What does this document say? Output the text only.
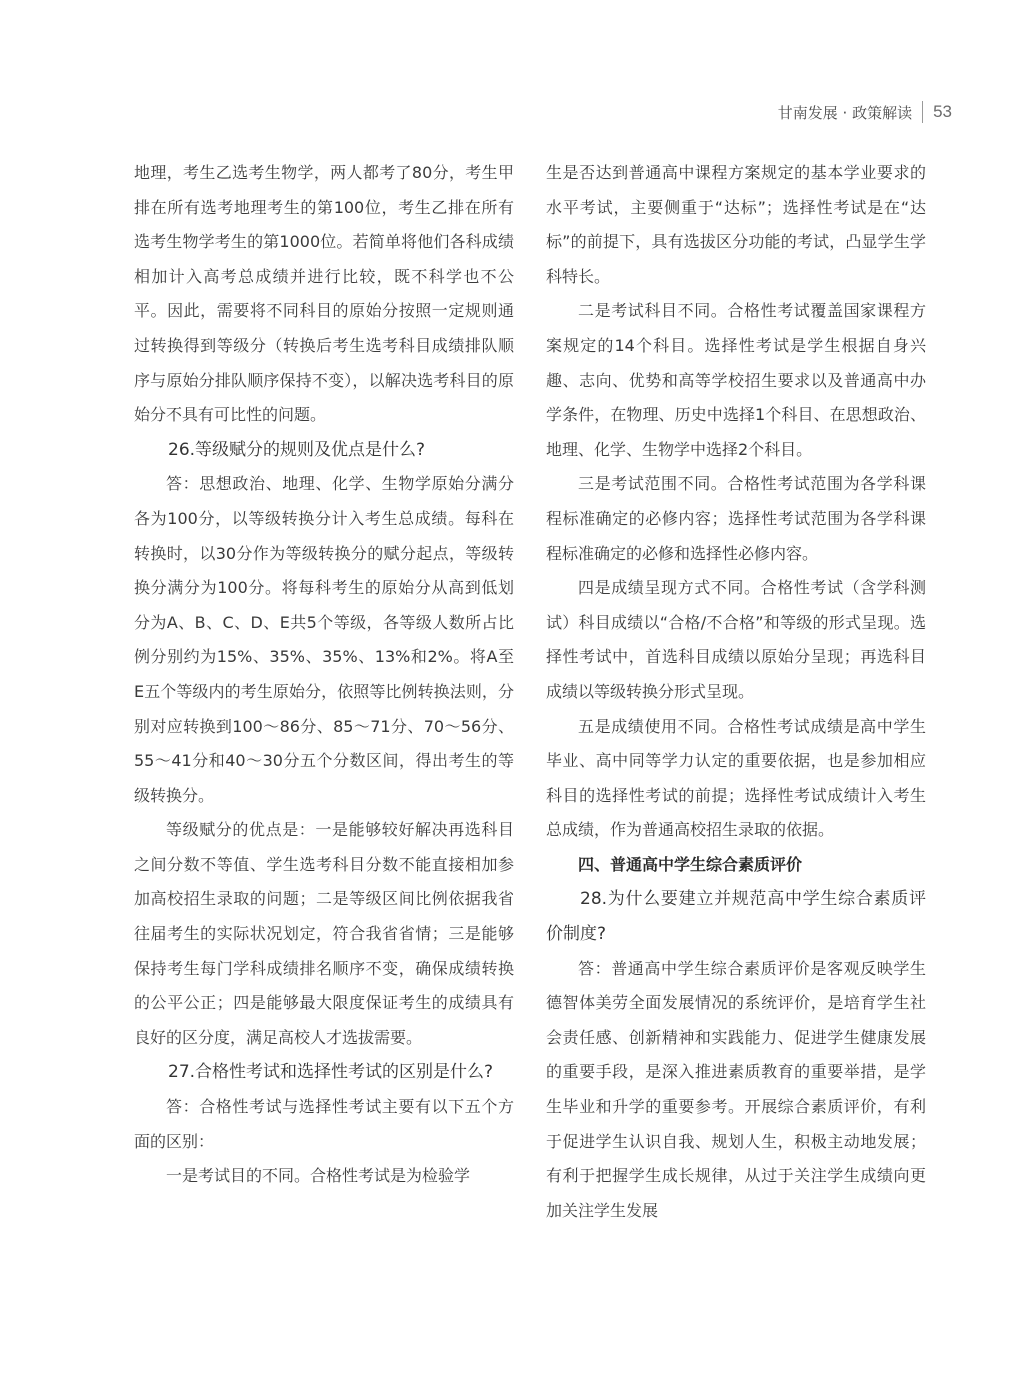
甘南发展 · 政策解读 53

地理，考生乙选考生物学，两人都考了80分，考生甲排在所有选考地理考生的第100位，考生乙排在所有选考生物学考生的第1000位。若简单将他们各科成绩相加计入高考总成绩并进行比较，既不科学也不公平。因此，需要将不同科目的原始分按照一定规则通过转换得到等级分（转换后考生选考科目成绩排队顺序与原始分排队顺序保持不变），以解决选考科目的原始分不具有可比性的问题。

26.等级赋分的规则及优点是什么?

答：思想政治、地理、化学、生物学原始分满分各为100分，以等级转换分计入考生总成绩。每科在转换时，以30分作为等级转换分的赋分起点，等级转换分满分为100分。将每科考生的原始分从高到低划分为A、B、C、D、E共5个等级，各等级人数所占比例分别约为15%、35%、35%、13%和2%。将A至E五个等级内的考生原始分，依照等比例转换法则，分别对应转换到100～86分、85～71分、70～56分、55～41分和40～30分五个分数区间，得出考生的等级转换分。

等级赋分的优点是：一是能够较好解决再选科目之间分数不等值、学生选考科目分数不能直接相加参加高校招生录取的问题；二是等级区间比例依据我省往届考生的实际状况划定，符合我省省情；三是能够保持考生每门学科成绩排名顺序不变，确保成绩转换的公平公正；四是能够最大限度保证考生的成绩具有良好的区分度，满足高校人才选拔需要。

27.合格性考试和选择性考试的区别是什么?

答：合格性考试与选择性考试主要有以下五个方面的区别：

一是考试目的不同。合格性考试是为检验学

生是否达到普通高中课程方案规定的基本学业要求的水平考试，主要侧重于“达标”；选择性考试是在“达标”的前提下，具有选拔区分功能的考试，凸显学生学科特长。

二是考试科目不同。合格性考试覆盖国家课程方案规定的14个科目。选择性考试是学生根据自身兴趣、志向、优势和高等学校招生要求以及普通高中办学条件，在物理、历史中选择1个科目、在思想政治、地理、化学、生物学中选择2个科目。

三是考试范围不同。合格性考试范围为各学科课程标准确定的必修内容；选择性考试范围为各学科课程标准确定的必修和选择性必修内容。

四是成绩呈现方式不同。合格性考试（含学科测试）科目成绩以“合格/不合格”和等级的形式呈现。选择性考试中，首选科目成绩以原始分呈现；再选科目成绩以等级转换分形式呈现。

五是成绩使用不同。合格性考试成绩是高中学生毕业、高中同等学力认定的重要依据，也是参加相应科目的选择性考试的前提；选择性考试成绩计入考生总成绩，作为普通高校招生录取的依据。

四、普通高中学生综合素质评价

28.为什么要建立并规范高中学生综合素质评价制度?

答：普通高中学生综合素质评价是客观反映学生德智体美劳全面发展情况的系统评价，是培育学生社会责任感、创新精神和实践能力、促进学生健康发展的重要手段，是深入推进素质教育的重要举措，是学生毕业和升学的重要参考。开展综合素质评价，有利于促进学生认识自我、规划人生，积极主动地发展；有利于把握学生成长规律，从过于关注学生成绩向更加关注学生发展
